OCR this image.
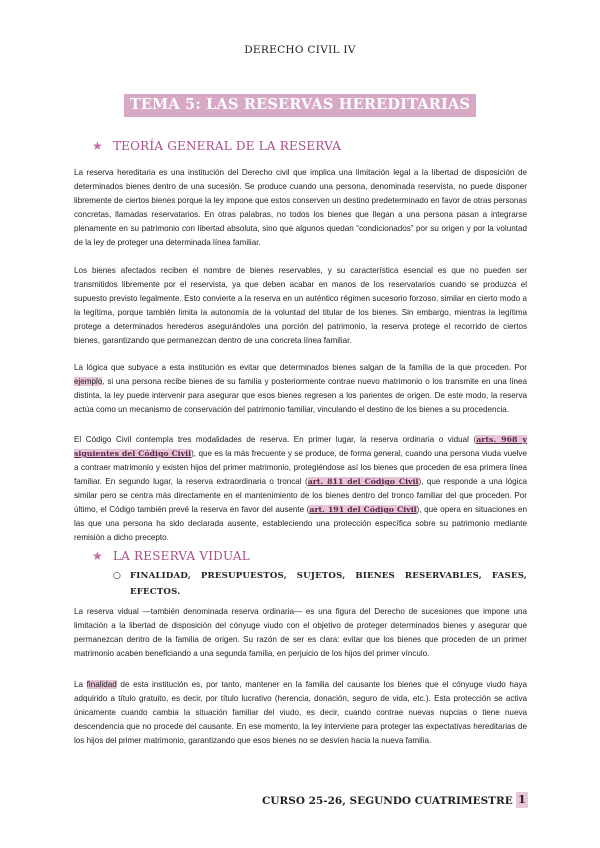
DERECHO CIVIL IV
TEMA 5: LAS RESERVAS HEREDITARIAS
★ TEORÍA GENERAL DE LA RESERVA
La reserva hereditaria es una institución del Derecho civil que implica una limitación legal a la libertad de disposición de determinados bienes dentro de una sucesión. Se produce cuando una persona, denominada reservista, no puede disponer libremente de ciertos bienes porque la ley impone que estos conserven un destino predeterminado en favor de otras personas concretas, llamadas reservatarios. En otras palabras, no todos los bienes que llegan a una persona pasan a integrarse plenamente en su patrimonio con libertad absoluta, sino que algunos quedan “condicionados” por su origen y por la voluntad de la ley de proteger una determinada línea familiar.
Los bienes afectados reciben el nombre de bienes reservables, y su característica esencial es que no pueden ser transmitidos libremente por el reservista, ya que deben acabar en manos de los reservatarios cuando se produzca el supuesto previsto legalmente. Esto convierte a la reserva en un auténtico régimen sucesorio forzoso, similar en cierto modo a la legítima, porque también limita la autonomía de la voluntad del titular de los bienes. Sin embargo, mientras la legítima protege a determinados herederos asegurándoles una porción del patrimonio, la reserva protege el recorrido de ciertos bienes, garantizando que permanezcan dentro de una concreta línea familiar.
La lógica que subyace a esta institución es evitar que determinados bienes salgan de la familia de la que proceden. Por ejemplo, si una persona recibe bienes de su familia y posteriormente contrae nuevo matrimonio o los transmite en una línea distinta, la ley puede intervenir para asegurar que esos bienes regresen a los parientes de origen. De este modo, la reserva actúa como un mecanismo de conservación del patrimonio familiar, vinculando el destino de los bienes a su procedencia.
El Código Civil contempla tres modalidades de reserva. En primer lugar, la reserva ordinaria o vidual (arts. 968 y siguientes del Código Civil), que es la más frecuente y se produce, de forma general, cuando una persona viuda vuelve a contraer matrimonio y existen hijos del primer matrimonio, protegiéndose así los bienes que proceden de esa primera línea familiar. En segundo lugar, la reserva extraordinaria o troncal (art. 811 del Código Civil), que responde a una lógica similar pero se centra más directamente en el mantenimiento de los bienes dentro del tronco familiar del que proceden. Por último, el Código también prevé la reserva en favor del ausente (art. 191 del Código Civil), que opera en situaciones en las que una persona ha sido declarada ausente, estableciendo una protección específica sobre su patrimonio mediante remisión a dicho precepto.
★ LA RESERVA VIDUAL
○ FINALIDAD, PRESUPUESTOS, SUJETOS, BIENES RESERVABLES, FASES, EFECTOS.
La reserva vidual —también denominada reserva ordinaria— es una figura del Derecho de sucesiones que impone una limitación a la libertad de disposición del cónyuge viudo con el objetivo de proteger determinados bienes y asegurar que permanezcan dentro de la familia de origen. Su razón de ser es clara: evitar que los bienes que proceden de un primer matrimonio acaben beneficiando a una segunda familia, en perjuicio de los hijos del primer vínculo.
La finalidad de esta institución es, por tanto, mantener en la familia del causante los bienes que el cónyuge viudo haya adquirido a título gratuito, es decir, por título lucrativo (herencia, donación, seguro de vida, etc.). Esta protección se activa únicamente cuando cambia la situación familiar del viudo, es decir, cuando contrae nuevas nupcias o tiene nueva descendencia que no procede del causante. En ese momento, la ley interviene para proteger las expectativas hereditarias de los hijos del primer matrimonio, garantizando que esos bienes no se desvíen hacia la nueva familia.
CURSO 25-26, SEGUNDO CUATRIMESTRE 1
